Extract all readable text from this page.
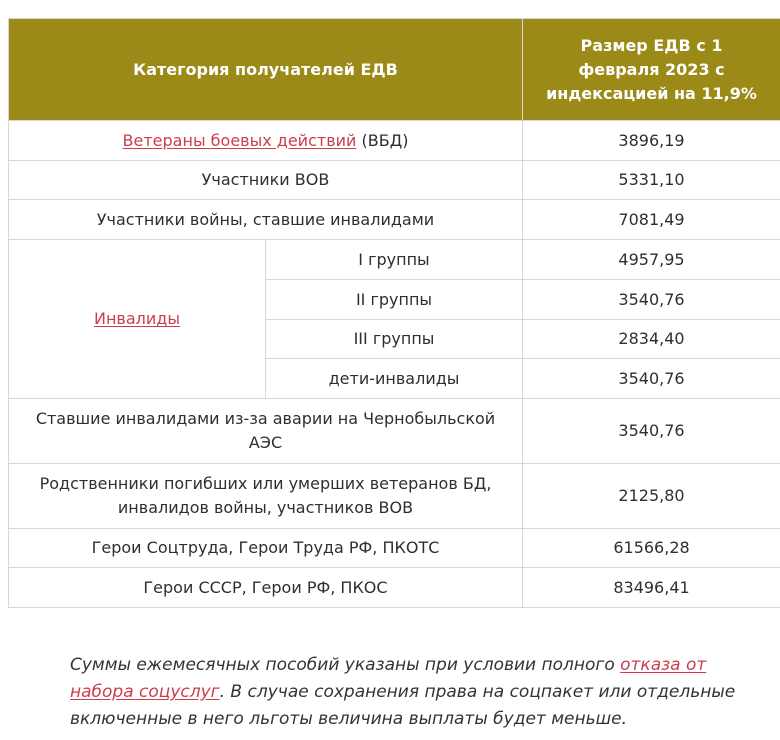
Категория получателей ЕДВ		Размер ЕДВ с 1 февраля 2023 с индексацией на 11,9%
Ветераны боевых действий (ВБД)		3896,19
Участники ВОВ		5331,10
Участники войны, ставшие инвалидами		7081,49
Инвалиды	I группы	4957,95
	II группы	3540,76
	III группы	2834,40
	дети-инвалиды	3540,76
Ставшие инвалидами из-за аварии на Чернобыльской АЭС		3540,76
Родственники погибших или умерших ветеранов БД, инвалидов войны, участников ВОВ		2125,80
Герои Соцтруда, Герои Труда РФ, ПКОТС		61566,28
Герои СССР, Герои РФ, ПКОС		83496,41

Суммы ежемесячных пособий указаны при условии полного отказа от набора соцуслуг. В случае сохранения права на соцпакет или отдельные включенные в него льготы величина выплаты будет меньше.
